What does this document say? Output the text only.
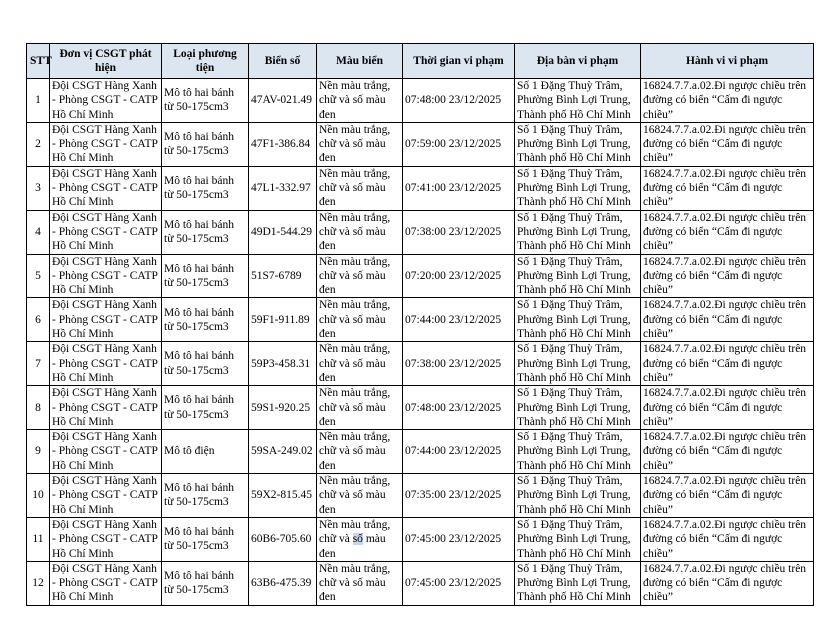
STT	Đơn vị CSGT phát hiện	Loại phương tiện	Biển số	Màu biển	Thời gian vi phạm	Địa bàn vi phạm	Hành vi vi phạm
1	Đội CSGT Hàng Xanh - Phòng CSGT - CATP Hồ Chí Minh	Mô tô hai bánh từ 50-175cm3	47AV-021.49	Nền màu trắng, chữ và số màu đen	07:48:00 23/12/2025	Số 1 Đặng Thuỳ Trâm, Phường Bình Lợi Trung, Thành phố Hồ Chí Minh	16824.7.7.a.02.Đi ngược chiều trên đường có biển “Cấm đi ngược chiều”
2	Đội CSGT Hàng Xanh - Phòng CSGT - CATP Hồ Chí Minh	Mô tô hai bánh từ 50-175cm3	47F1-386.84	Nền màu trắng, chữ và số màu đen	07:59:00 23/12/2025	Số 1 Đặng Thuỳ Trâm, Phường Bình Lợi Trung, Thành phố Hồ Chí Minh	16824.7.7.a.02.Đi ngược chiều trên đường có biển “Cấm đi ngược chiều”
3	Đội CSGT Hàng Xanh - Phòng CSGT - CATP Hồ Chí Minh	Mô tô hai bánh từ 50-175cm3	47L1-332.97	Nền màu trắng, chữ và số màu đen	07:41:00 23/12/2025	Số 1 Đặng Thuỳ Trâm, Phường Bình Lợi Trung, Thành phố Hồ Chí Minh	16824.7.7.a.02.Đi ngược chiều trên đường có biển “Cấm đi ngược chiều”
4	Đội CSGT Hàng Xanh - Phòng CSGT - CATP Hồ Chí Minh	Mô tô hai bánh từ 50-175cm3	49D1-544.29	Nền màu trắng, chữ và số màu đen	07:38:00 23/12/2025	Số 1 Đặng Thuỳ Trâm, Phường Bình Lợi Trung, Thành phố Hồ Chí Minh	16824.7.7.a.02.Đi ngược chiều trên đường có biển “Cấm đi ngược chiều”
5	Đội CSGT Hàng Xanh - Phòng CSGT - CATP Hồ Chí Minh	Mô tô hai bánh từ 50-175cm3	51S7-6789	Nền màu trắng, chữ và số màu đen	07:20:00 23/12/2025	Số 1 Đặng Thuỳ Trâm, Phường Bình Lợi Trung, Thành phố Hồ Chí Minh	16824.7.7.a.02.Đi ngược chiều trên đường có biển “Cấm đi ngược chiều”
6	Đội CSGT Hàng Xanh - Phòng CSGT - CATP Hồ Chí Minh	Mô tô hai bánh từ 50-175cm3	59F1-911.89	Nền màu trắng, chữ và số màu đen	07:44:00 23/12/2025	Số 1 Đặng Thuỳ Trâm, Phường Bình Lợi Trung, Thành phố Hồ Chí Minh	16824.7.7.a.02.Đi ngược chiều trên đường có biển “Cấm đi ngược chiều”
7	Đội CSGT Hàng Xanh - Phòng CSGT - CATP Hồ Chí Minh	Mô tô hai bánh từ 50-175cm3	59P3-458.31	Nền màu trắng, chữ và số màu đen	07:38:00 23/12/2025	Số 1 Đặng Thuỳ Trâm, Phường Bình Lợi Trung, Thành phố Hồ Chí Minh	16824.7.7.a.02.Đi ngược chiều trên đường có biển “Cấm đi ngược chiều”
8	Đội CSGT Hàng Xanh - Phòng CSGT - CATP Hồ Chí Minh	Mô tô hai bánh từ 50-175cm3	59S1-920.25	Nền màu trắng, chữ và số màu đen	07:48:00 23/12/2025	Số 1 Đặng Thuỳ Trâm, Phường Bình Lợi Trung, Thành phố Hồ Chí Minh	16824.7.7.a.02.Đi ngược chiều trên đường có biển “Cấm đi ngược chiều”
9	Đội CSGT Hàng Xanh - Phòng CSGT - CATP Hồ Chí Minh	Mô tô điện	59SA-249.02	Nền màu trắng, chữ và số màu đen	07:44:00 23/12/2025	Số 1 Đặng Thuỳ Trâm, Phường Bình Lợi Trung, Thành phố Hồ Chí Minh	16824.7.7.a.02.Đi ngược chiều trên đường có biển “Cấm đi ngược chiều”
10	Đội CSGT Hàng Xanh - Phòng CSGT - CATP Hồ Chí Minh	Mô tô hai bánh từ 50-175cm3	59X2-815.45	Nền màu trắng, chữ và số màu đen	07:35:00 23/12/2025	Số 1 Đặng Thuỳ Trâm, Phường Bình Lợi Trung, Thành phố Hồ Chí Minh	16824.7.7.a.02.Đi ngược chiều trên đường có biển “Cấm đi ngược chiều”
11	Đội CSGT Hàng Xanh - Phòng CSGT - CATP Hồ Chí Minh	Mô tô hai bánh từ 50-175cm3	60B6-705.60	Nền màu trắng, chữ và số màu đen	07:45:00 23/12/2025	Số 1 Đặng Thuỳ Trâm, Phường Bình Lợi Trung, Thành phố Hồ Chí Minh	16824.7.7.a.02.Đi ngược chiều trên đường có biển “Cấm đi ngược chiều”
12	Đội CSGT Hàng Xanh - Phòng CSGT - CATP Hồ Chí Minh	Mô tô hai bánh từ 50-175cm3	63B6-475.39	Nền màu trắng, chữ và số màu đen	07:45:00 23/12/2025	Số 1 Đặng Thuỳ Trâm, Phường Bình Lợi Trung, Thành phố Hồ Chí Minh	16824.7.7.a.02.Đi ngược chiều trên đường có biển “Cấm đi ngược chiều”
